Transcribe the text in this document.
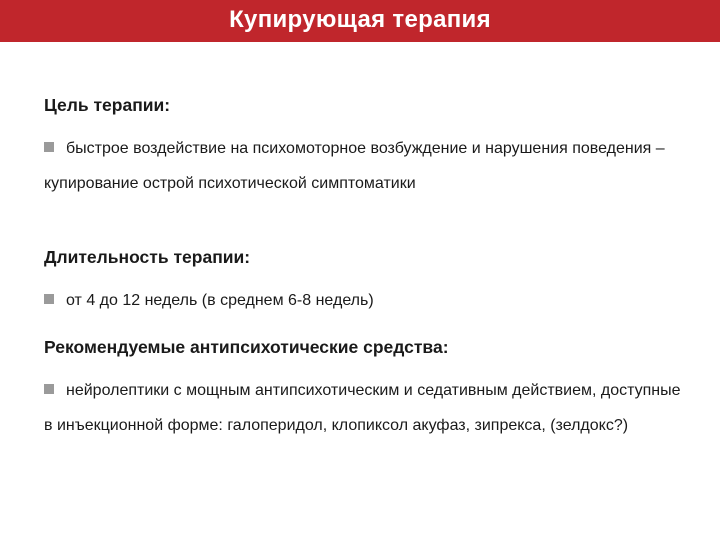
Купирующая терапия

Цель терапии:

быстрое воздействие на психомоторное возбуждение и нарушения поведения – купирование острой психотической симптоматики

Длительность терапии:

от 4 до 12 недель (в среднем 6-8 недель)

Рекомендуемые антипсихотические средства:

нейролептики с мощным антипсихотическим и седативным действием, доступные в инъекционной форме: галоперидол, клопиксол акуфаз, зипрекса, (зелдокс?)
